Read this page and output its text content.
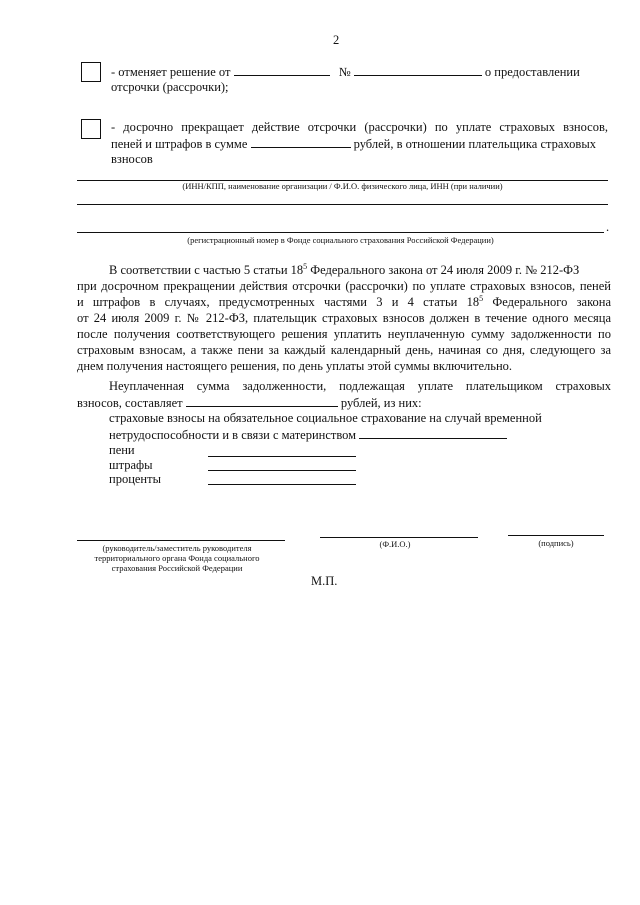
2
- отменяет решение от	№	о предоставлении
отсрочки (рассрочки);
- досрочно прекращает действие отсрочки (рассрочки) по уплате страховых взносов,
пеней и штрафов в сумме	рублей, в отношении плательщика страховых
взносов
(ИНН/КПП, наименование организации / Ф.И.О. физического лица, ИНН (при наличии)
.
(регистрационный номер в Фонде социального страхования Российской Федерации)
В соответствии с частью 5 статьи $18^5$ Федерального закона от 24 июля 2009 г. № 212-ФЗ
при досрочном прекращении действия отсрочки (рассрочки) по уплате страховых взносов, пеней
и штрафов в случаях, предусмотренных частями 3 и 4 статьи $18^5$ Федерального закона
от 24 июля 2009 г. № 212-ФЗ, плательщик страховых взносов должен в течение одного месяца
после получения соответствующего решения уплатить неуплаченную сумму задолженности по
страховым взносам, а также пени за каждый календарный день, начиная со дня, следующего за
днем получения настоящего решения, по день уплаты этой суммы включительно.
Неуплаченная сумма задолженности, подлежащая уплате плательщиком страховых
взносов, составляет	рублей, из них:
страховые взносы на обязательное социальное страхование на случай временной
нетрудоспособности и в связи с материнством
пени
штрафы
проценты
(руководитель/заместитель руководителя
территориального органа Фонда социального
страхования Российской Федерации
(Ф.И.О.)	(подпись)
М.П.
